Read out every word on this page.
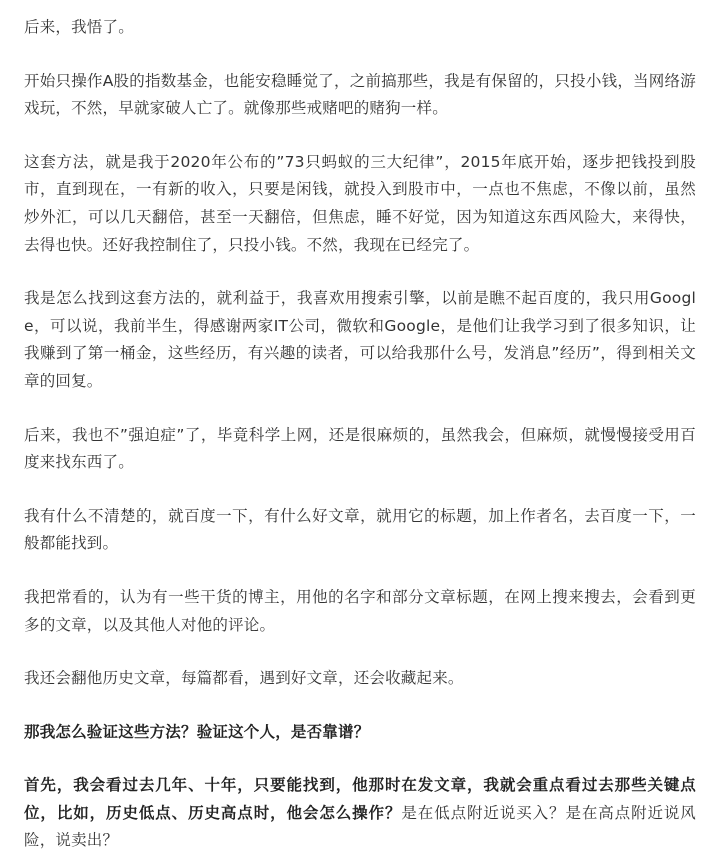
后来，我悟了。

开始只操作A股的指数基金，也能安稳睡觉了，之前搞那些，我是有保留的，只投小钱，当网络游戏玩，不然，早就家破人亡了。就像那些戒赌吧的赌狗一样。

这套方法，就是我于2020年公布的”73只蚂蚁的三大纪律”，2015年底开始，逐步把钱投到股市，直到现在，一有新的收入，只要是闲钱，就投入到股市中，一点也不焦虑，不像以前，虽然炒外汇，可以几天翻倍，甚至一天翻倍，但焦虑，睡不好觉，因为知道这东西风险大，来得快，去得也快。还好我控制住了，只投小钱。不然，我现在已经完了。

我是怎么找到这套方法的，就利益于，我喜欢用搜索引擎，以前是瞧不起百度的，我只用Google，可以说，我前半生，得感谢两家IT公司，微软和Google，是他们让我学习到了很多知识，让我赚到了第一桶金，这些经历，有兴趣的读者，可以给我那什么号，发消息”经历”，得到相关文章的回复。

后来，我也不”强迫症”了，毕竟科学上网，还是很麻烦的，虽然我会，但麻烦，就慢慢接受用百度来找东西了。

我有什么不清楚的，就百度一下，有什么好文章，就用它的标题，加上作者名，去百度一下，一般都能找到。

我把常看的，认为有一些干货的博主，用他的名字和部分文章标题，在网上搜来搜去，会看到更多的文章，以及其他人对他的评论。

我还会翻他历史文章，每篇都看，遇到好文章，还会收藏起来。

那我怎么验证这些方法？验证这个人，是否靠谱？

首先，我会看过去几年、十年，只要能找到，他那时在发文章，我就会重点看过去那些关键点位，比如，历史低点、历史高点时，他会怎么操作？是在低点附近说买入？是在高点附近说风险，说卖出？
